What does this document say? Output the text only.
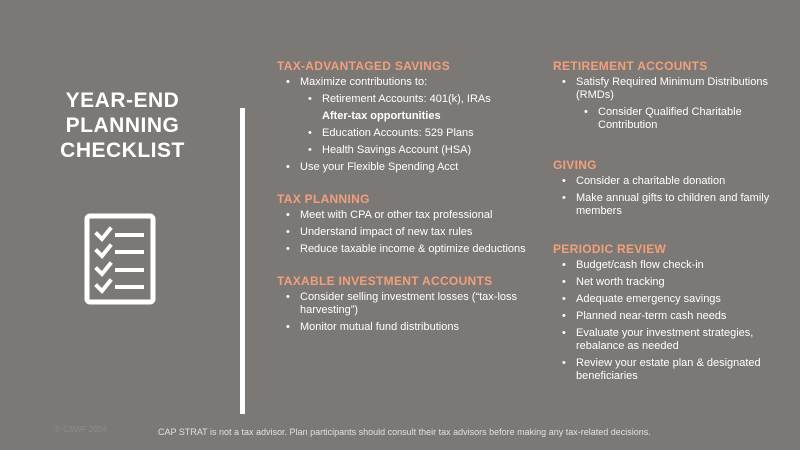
YEAR-END
PLANNING
CHECKLIST
TAX-ADVANTAGED SAVINGS
• Maximize contributions to:
• Retirement Accounts: 401(k), IRAs
After-tax opportunities
• Education Accounts: 529 Plans
• Health Savings Account (HSA)
• Use your Flexible Spending Acct
TAX PLANNING
• Meet with CPA or other tax professional
• Understand impact of new tax rules
• Reduce taxable income & optimize deductions
TAXABLE INVESTMENT ACCOUNTS
• Consider selling investment losses (“tax-loss harvesting”)
• Monitor mutual fund distributions
RETIREMENT ACCOUNTS
• Satisfy Required Minimum Distributions (RMDs)
• Consider Qualified Charitable Contribution
GIVING
• Consider a charitable donation
• Make annual gifts to children and family members
PERIODIC REVIEW
• Budget/cash flow check-in
• Net worth tracking
• Adequate emergency savings
• Planned near-term cash needs
• Evaluate your investment strategies, rebalance as needed
• Review your estate plan & designated beneficiaries
© CSWF 2024	CAP STRAT is not a tax advisor. Plan participants should consult their tax advisors before making any tax-related decisions.
